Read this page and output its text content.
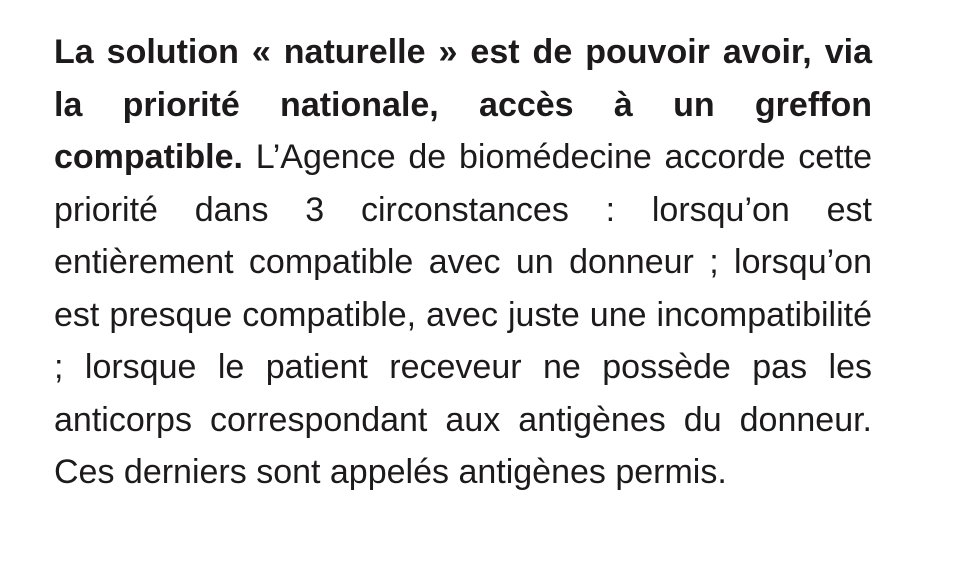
La solution « naturelle » est de pouvoir avoir, via la priorité nationale, accès à un greffon compatible. L’Agence de biomédecine accorde cette priorité dans 3 circonstances : lorsqu’on est entièrement compatible avec un donneur ; lorsqu’on est presque compatible, avec juste une incompatibilité ; lorsque le patient receveur ne possède pas les anticorps correspondant aux antigènes du donneur. Ces derniers sont appelés antigènes permis.
